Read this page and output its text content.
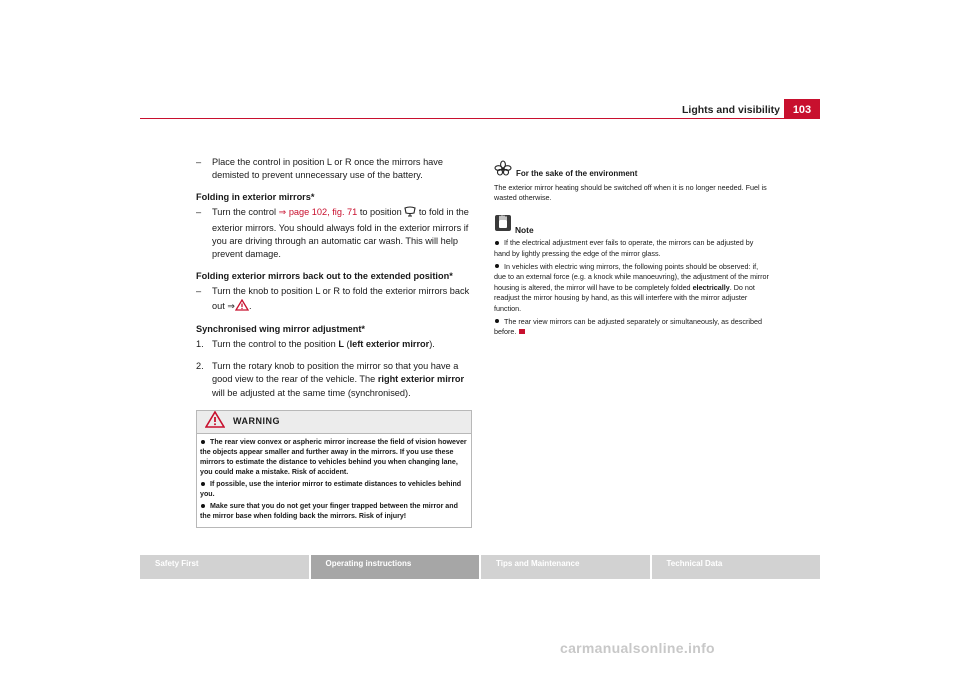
Lights and visibility	103
– Place the control in position L or R once the mirrors have demisted to prevent unnecessary use of the battery.
Folding in exterior mirrors*
– Turn the control ⇒ page 102, fig. 71 to position  to fold in the exterior mirrors. You should always fold in the exterior mirrors if you are driving through an automatic car wash. This will help prevent damage.
Folding exterior mirrors back out to the extended position*
– Turn the knob to position L or R to fold the exterior mirrors back out ⇒ .
Synchronised wing mirror adjustment*
1. Turn the control to the position L (left exterior mirror).
2. Turn the rotary knob to position the mirror so that you have a good view to the rear of the vehicle. The right exterior mirror will be adjusted at the same time (synchronised).
WARNING
The rear view convex or aspheric mirror increase the field of vision however the objects appear smaller and further away in the mirrors. If you use these mirrors to estimate the distance to vehicles behind you when changing lane, you could make a mistake. Risk of accident.
If possible, use the interior mirror to estimate distances to vehicles behind you.
Make sure that you do not get your finger trapped between the mirror and the mirror base when folding back the mirrors. Risk of injury!
For the sake of the environment
The exterior mirror heating should be switched off when it is no longer needed. Fuel is wasted otherwise.
Note
If the electrical adjustment ever fails to operate, the mirrors can be adjusted by hand by lightly pressing the edge of the mirror glass.
In vehicles with electric wing mirrors, the following points should be observed: if, due to an external force (e.g. a knock while manoeuvring), the adjustment of the mirror housing is altered, the mirror will have to be completely folded electrically. Do not readjust the mirror housing by hand, as this will interfere with the mirror adjuster function.
The rear view mirrors can be adjusted separately or simultaneously, as described before.
Safety First	Operating instructions	Tips and Maintenance	Technical Data
carmanualsonline.info
